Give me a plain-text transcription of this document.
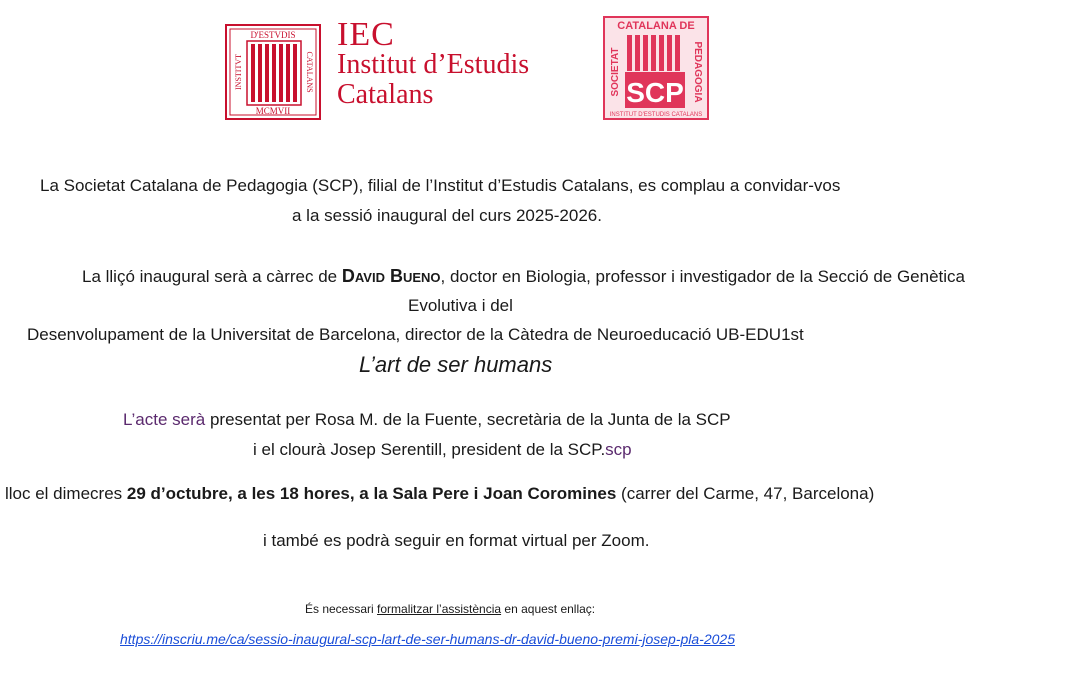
D'ESTVDIS
MCMVII
INSTITVT	CATALANS
IEC
Institut d’Estudis
Catalans
CATALANA DE
SCP
SOCIETAT	PEDAGOGIA
INSTITUT D'ESTUDIS CATALANS
La Societat Catalana de Pedagogia (SCP), filial de l’Institut d’Estudis Catalans, es complau a convidar-vos
a la sessió inaugural del curs 2025-2026.
La lliçó inaugural serà a càrrec de David Bueno, doctor en Biologia, professor i investigador de la Secció de Genètica
Evolutiva i del
Desenvolupament de la Universitat de Barcelona, director de la Càtedra de Neuroeducació UB-EDU1st
L’art de ser humans
L’acte serà presentat per Rosa M. de la Fuente, secretària de la Junta de la SCP
i el clourà Josep Serentill, president de la SCP.scp
lloc el dimecres 29 d’octubre, a les 18 hores, a la Sala Pere i Joan Coromines (carrer del Carme, 47, Barcelona)
i també es podrà seguir en format virtual per Zoom.
És necessari formalitzar l’assistència en aquest enllaç:
https://inscriu.me/ca/sessio-inaugural-scp-lart-de-ser-humans-dr-david-bueno-premi-josep-pla-2025
